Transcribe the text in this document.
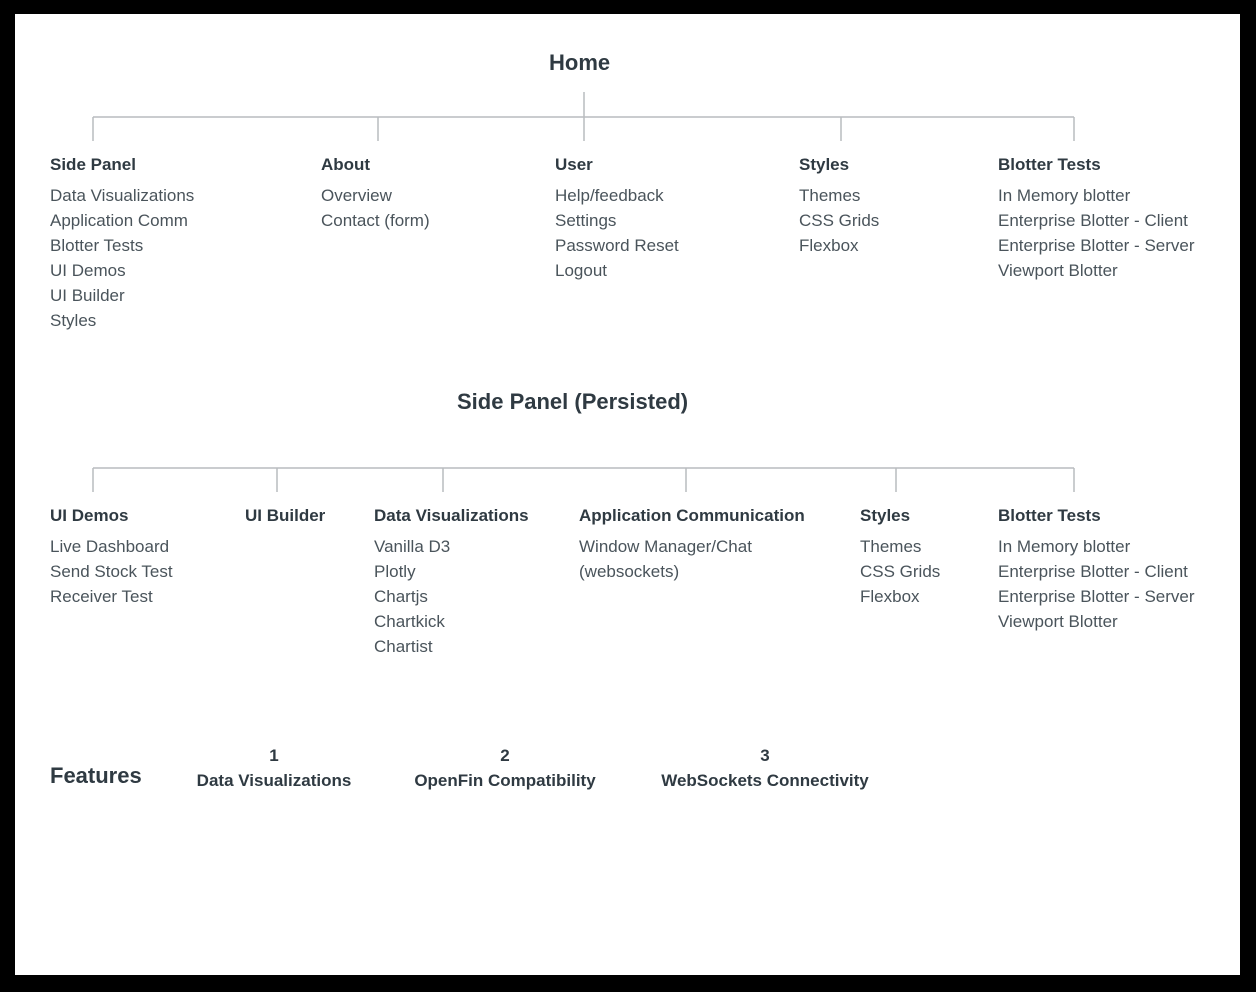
Home
Side Panel
Data Visualizations
Application Comm
Blotter Tests
UI Demos
UI Builder
Styles
About
Overview
Contact (form)
User
Help/feedback
Settings
Password Reset
Logout
Styles
Themes
CSS Grids
Flexbox
Blotter Tests
In Memory blotter
Enterprise Blotter - Client
Enterprise Blotter - Server
Viewport Blotter
Side Panel (Persisted)
UI Demos
Live Dashboard
Send Stock Test
Receiver Test
UI Builder	Data Visualizations
Vanilla D3
Plotly
Chartjs
Chartkick
Chartist
Application Communication
Window Manager/Chat
(websockets)
Styles
Themes
CSS Grids
Flexbox
Blotter Tests
In Memory blotter
Enterprise Blotter - Client
Enterprise Blotter - Server
Viewport Blotter
Features
1
Data Visualizations
2
OpenFin Compatibility
3
WebSockets Connectivity
